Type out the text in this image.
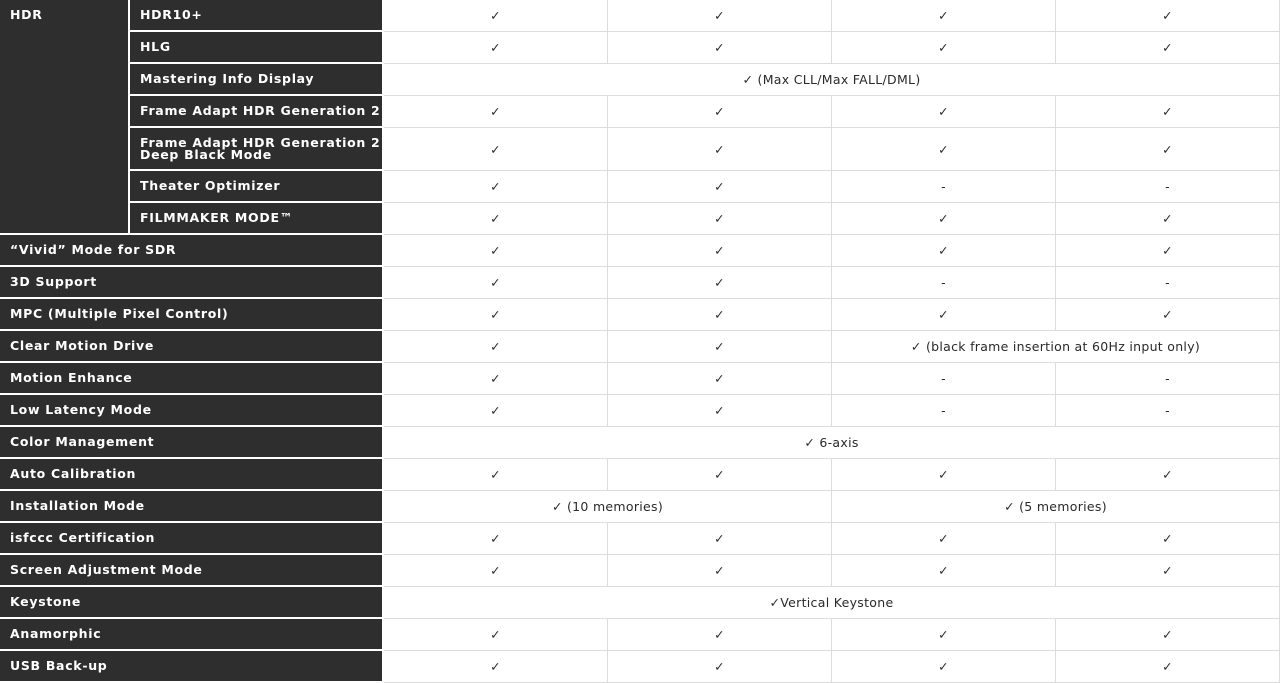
HDR	HDR10+	✓	✓	✓	✓
	HLG	✓	✓	✓	✓
	Mastering Info Display	✓ (Max CLL/Max FALL/DML)			
	Frame Adapt HDR Generation 2	✓	✓	✓	✓

	Frame Adapt HDR Generation 2
Deep Black Mode	✓	✓	✓	✓
	Theater Optimizer	✓	✓	-	-
	FILMMAKER MODE™	✓	✓	✓	✓
“Vivid” Mode for SDR		✓	✓	✓	✓
3D Support		✓	✓	-	-
MPC (Multiple Pixel Control)		✓	✓	✓	✓
Clear Motion Drive		✓	✓	✓ (black frame insertion at 60Hz input only)	
Motion Enhance		✓	✓	-	-
Low Latency Mode		✓	✓	-	-
Color Management		✓ 6-axis			
Auto Calibration		✓	✓	✓	✓
Installation Mode		✓ (10 memories)		✓ (5 memories)	
isfccc Certification		✓	✓	✓	✓
Screen Adjustment Mode		✓	✓	✓	✓
Keystone		✓Vertical Keystone			
Anamorphic		✓	✓	✓	✓
USB Back-up		✓	✓	✓	✓
